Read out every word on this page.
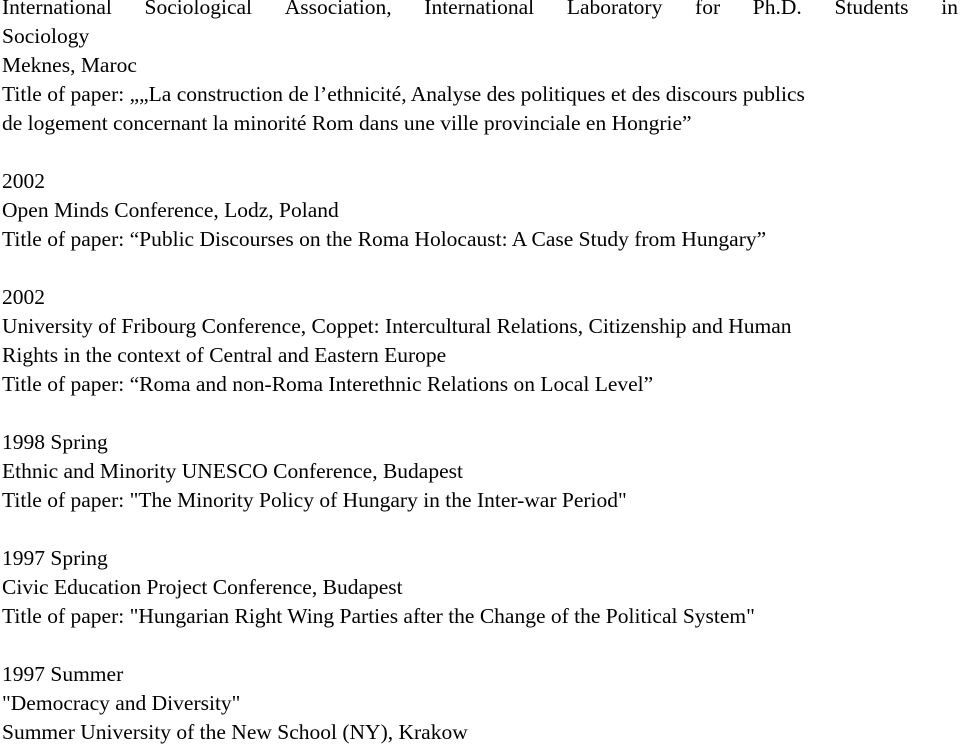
International Sociological Association, International Laboratory for Ph.D. Students in
Sociology
Meknes, Maroc
Title of paper: „„La construction de l’ethnicité, Analyse des politiques et des discours publics
de logement concernant la minorité Rom dans une ville provinciale en Hongrie”
2002
Open Minds Conference, Lodz, Poland
Title of paper: “Public Discourses on the Roma Holocaust: A Case Study from Hungary”
2002
University of Fribourg Conference, Coppet: Intercultural Relations, Citizenship and Human
Rights in the context of Central and Eastern Europe
Title of paper: “Roma and non-Roma Interethnic Relations on Local Level”
1998 Spring
Ethnic and Minority UNESCO Conference, Budapest
Title of paper: "The Minority Policy of Hungary in the Inter-war Period"
1997 Spring
Civic Education Project Conference, Budapest
Title of paper: "Hungarian Right Wing Parties after the Change of the Political System"
1997 Summer
"Democracy and Diversity"
Summer University of the New School (NY), Krakow
